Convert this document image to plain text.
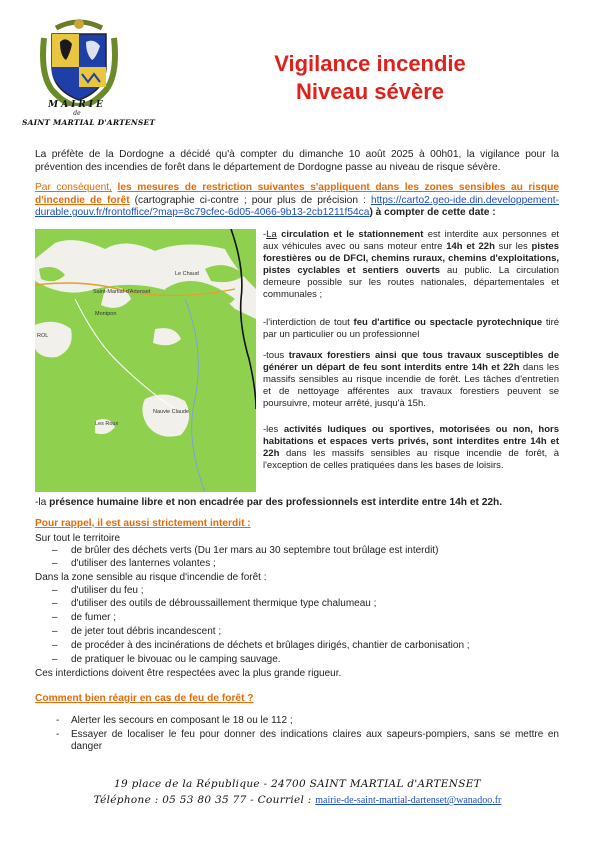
MAIRIE
de
SAINT MARTIAL D'ARTENSET
Vigilance incendie
Niveau sévère
La préfète de la Dordogne a décidé qu'à compter du dimanche 10 août 2025 à 00h01, la vigilance pour la prévention des incendies de forêt dans le département de Dordogne passe au niveau de risque sévère.
Par conséquent, les mesures de restriction suivantes s'appliquent dans les zones sensibles au risque d'incendie de forêt (cartographie ci-contre ; pour plus de précision : https://carto2.geo-ide.din.developpement-durable.gouv.fr/frontoffice/?map=8c79cfec-6d05-4066-9b13-2cb1211f54ca) à compter de cette date :
Saint-Martial-d'Artenset
Le Chaud
Montpon
ROL
Les Roux
Nauvie Claude
-La circulation et le stationnement est interdite aux personnes et aux véhicules avec ou sans moteur entre 14h et 22h sur les pistes forestières ou de DFCI, chemins ruraux, chemins d'exploitations, pistes cyclables et sentiers ouverts au public. La circulation demeure possible sur les routes nationales, départementales et communales ;
-l'interdiction de tout feu d'artifice ou spectacle pyrotechnique tiré par un particulier ou un professionnel
-tous travaux forestiers ainsi que tous travaux susceptibles de générer un départ de feu sont interdits entre 14h et 22h dans les massifs sensibles au risque incendie de forêt. Les tâches d'entretien et de nettoyage afférentes aux travaux forestiers peuvent se poursuivre, moteur arrêté, jusqu'à 15h.
-les activités ludiques ou sportives, motorisées ou non, hors habitations et espaces verts privés, sont interdites entre 14h et 22h dans les massifs sensibles au risque incendie de forêt, à l'exception de celles pratiquées dans les bases de loisirs.
-la présence humaine libre et non encadrée par des professionnels est interdite entre 14h et 22h.
Pour rappel, il est aussi strictement interdit :
Sur tout le territoire
– de brûler des déchets verts (Du 1er mars au 30 septembre tout brûlage est interdit)
– d'utiliser des lanternes volantes ;
Dans la zone sensible au risque d'incendie de forêt :
– d'utiliser du feu ;
– d'utiliser des outils de débroussaillement thermique type chalumeau ;
– de fumer ;
– de jeter tout débris incandescent ;
– de procéder à des incinérations de déchets et brûlages dirigés, chantier de carbonisation ;
– de pratiquer le bivouac ou le camping sauvage.
Ces interdictions doivent être respectées avec la plus grande rigueur.
Comment bien réagir en cas de feu de forêt ?
- Alerter les secours en composant le 18 ou le 112 ;
- Essayer de localiser le feu pour donner des indications claires aux sapeurs-pompiers, sans se mettre en danger
19 place de la République - 24700 SAINT MARTIAL d'ARTENSET
Téléphone : 05 53 80 35 77 - Courriel : mairie-de-saint-martial-dartenset@wanadoo.fr
